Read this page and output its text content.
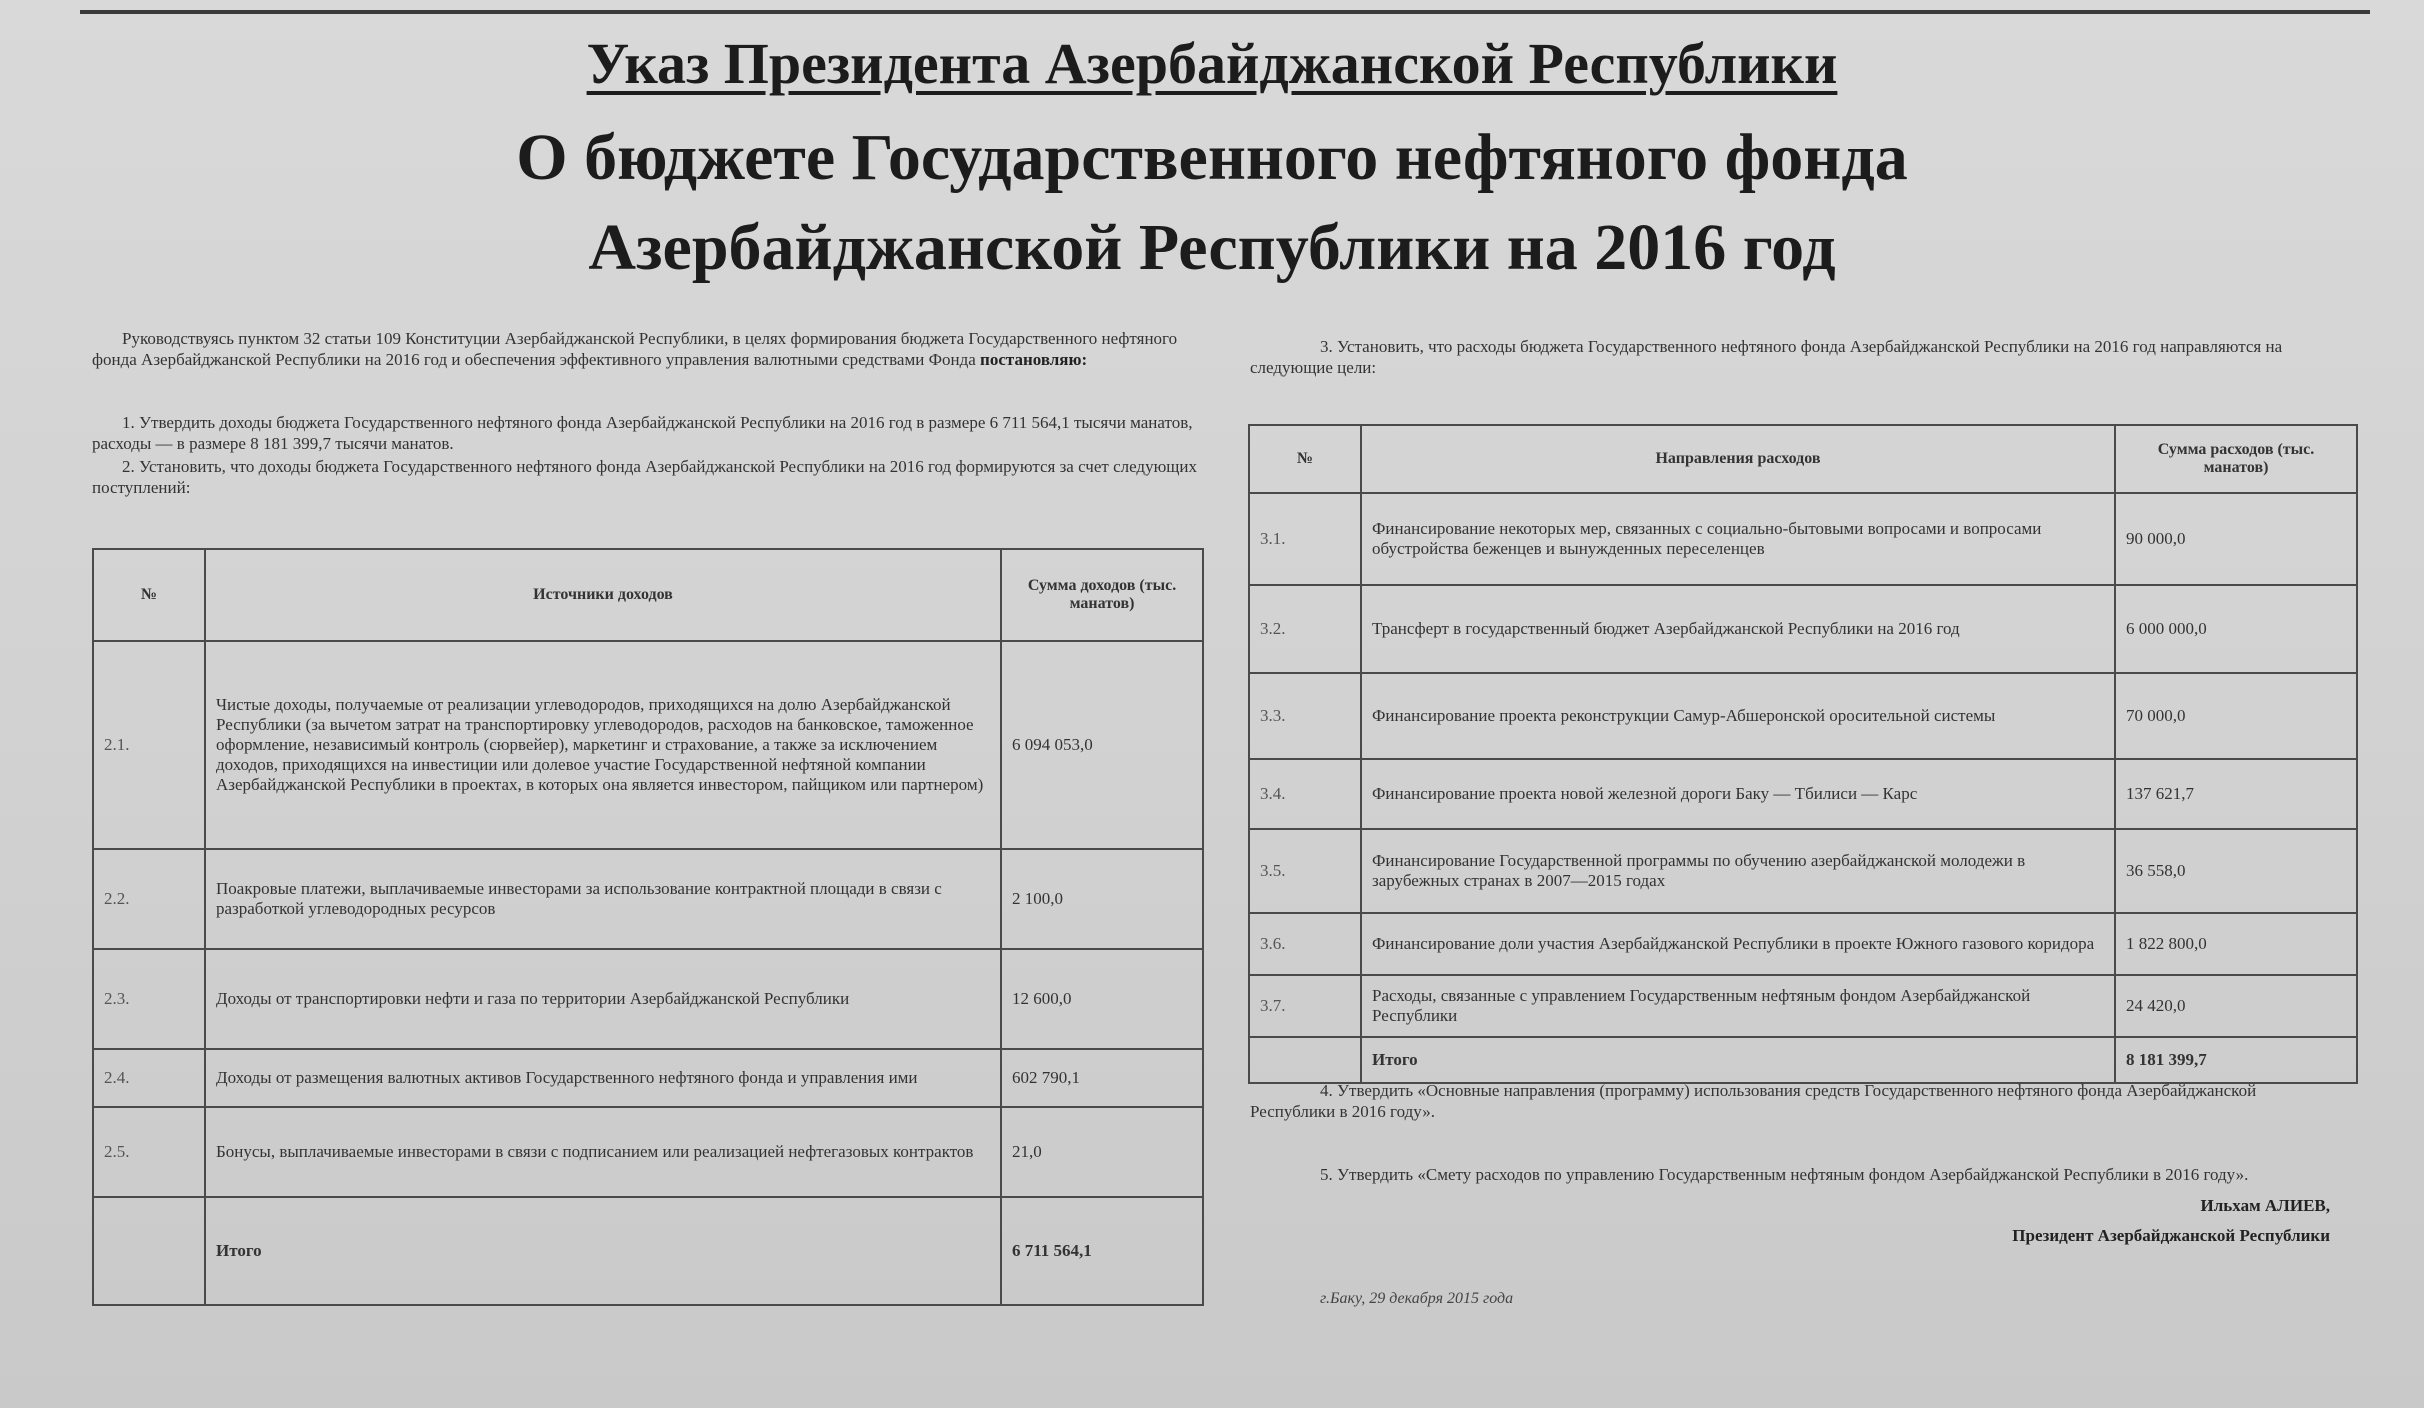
Указ Президента Азербайджанской Республики
О бюджете Государственного нефтяного фонда
Азербайджанской Республики на 2016 год
Руководствуясь пунктом 32 статьи 109 Конституции Азербайджанской Республики, в целях формирования бюджета Государственного нефтяного фонда Азербайджанской Республики на 2016 год и обеспечения эффективного управления валютными средствами Фонда постановляю:
1. Утвердить доходы бюджета Государственного нефтяного фонда Азербайджанской Республики на 2016 год в размере 6 711 564,1 тысячи манатов, расходы — в размере 8 181 399,7 тысячи манатов.
2. Установить, что доходы бюджета Государственного нефтяного фонда Азербайджанской Республики на 2016 год формируются за счет следующих поступлений:
№	Источники доходов	Сумма доходов (тыс. манатов)
2.1.	Чистые доходы, получаемые от реализации углеводородов, приходящихся на долю Азербайджанской Республики (за вычетом затрат на транспортировку углеводородов, расходов на банковское, таможенное оформление, независимый контроль (сюрвейер), маркетинг и страхование, а также за исключением доходов, приходящихся на инвестиции или долевое участие Государственной нефтяной компании Азербайджанской Республики в проектах, в которых она является инвестором, пайщиком или партнером)	6 094 053,0
2.2.	Поакровые платежи, выплачиваемые инвесторами за использование контрактной площади в связи с разработкой углеводородных ресурсов	2 100,0
2.3.	Доходы от транспортировки нефти и газа по территории Азербайджанской Республики	12 600,0
2.4.	Доходы от размещения валютных активов Государственного нефтяного фонда и управления ими	602 790,1
2.5.	Бонусы, выплачиваемые инвесторами в связи с подписанием или реализацией нефтегазовых контрактов	21,0
	Итого	6 711 564,1
3. Установить, что расходы бюджета Государственного нефтяного фонда Азербайджанской Республики на 2016 год направляются на следующие цели:
№	Направления расходов	Сумма расходов (тыс. манатов)
3.1.	Финансирование некоторых мер, связанных с социально-бытовыми вопросами и вопросами обустройства беженцев и вынужденных переселенцев	90 000,0
3.2.	Трансферт в государственный бюджет Азербайджанской Республики на 2016 год	6 000 000,0
3.3.	Финансирование проекта реконструкции Самур-Абшеронской оросительной системы	70 000,0
3.4.	Финансирование проекта новой железной дороги Баку — Тбилиси — Карс	137 621,7
3.5.	Финансирование Государственной программы по обучению азербайджанской молодежи в зарубежных странах в 2007—2015 годах	36 558,0
3.6.	Финансирование доли участия Азербайджанской Республики в проекте Южного газового коридора	1 822 800,0
3.7.	Расходы, связанные с управлением Государственным нефтяным фондом Азербайджанской Республики	24 420,0
	Итого	8 181 399,7
4. Утвердить «Основные направления (программу) использования средств Государственного нефтяного фонда Азербайджанской Республики в 2016 году».
5. Утвердить «Смету расходов по управлению Государственным нефтяным фондом Азербайджанской Республики в 2016 году».
Ильхам АЛИЕВ,
Президент Азербайджанской Республики
г.Баку, 29 декабря 2015 года
